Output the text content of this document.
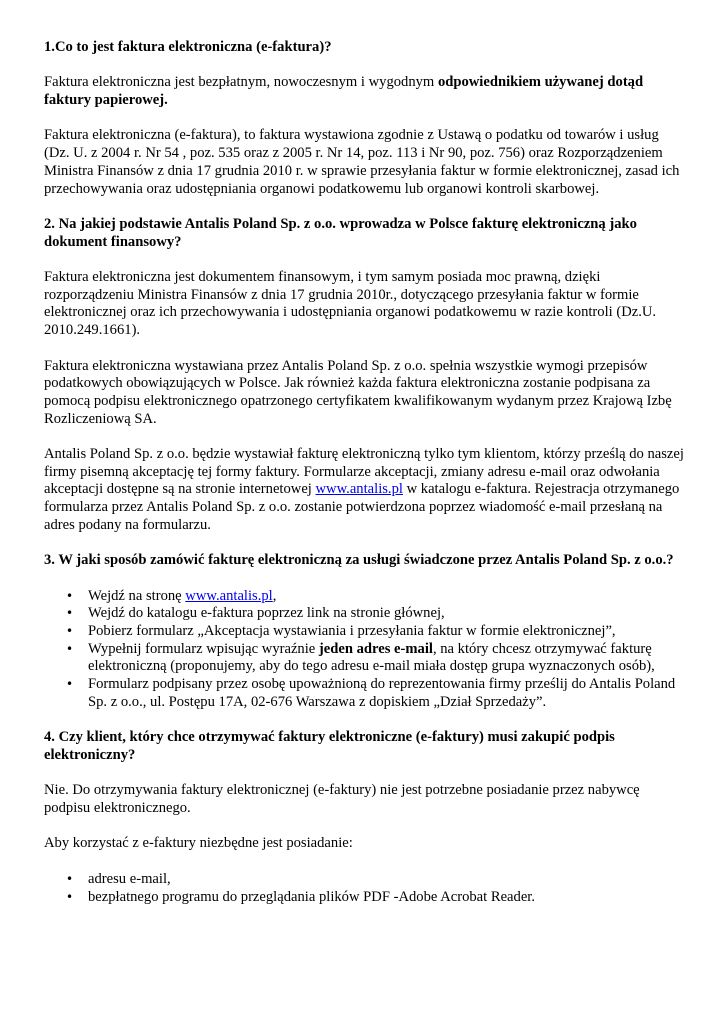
1.Co to jest faktura elektroniczna (e-faktura)?

Faktura elektroniczna jest bezpłatnym, nowoczesnym i wygodnym odpowiednikiem używanej dotąd faktury papierowej.

Faktura elektroniczna (e-faktura), to faktura wystawiona zgodnie z Ustawą o podatku od towarów i usług (Dz. U. z 2004 r. Nr 54 , poz. 535 oraz z 2005 r. Nr 14, poz. 113 i Nr 90, poz. 756) oraz Rozporządzeniem Ministra Finansów z dnia 17 grudnia 2010 r. w sprawie przesyłania faktur w formie elektronicznej, zasad ich przechowywania oraz udostępniania organowi podatkowemu lub organowi kontroli skarbowej.

2. Na jakiej podstawie Antalis Poland Sp. z o.o. wprowadza w Polsce fakturę elektroniczną jako dokument finansowy?

Faktura elektroniczna jest dokumentem finansowym, i tym samym posiada moc prawną, dzięki rozporządzeniu Ministra Finansów z dnia 17 grudnia 2010r., dotyczącego przesyłania faktur w formie elektronicznej oraz ich przechowywania i udostępniania organowi podatkowemu w razie kontroli (Dz.U. 2010.249.1661).

Faktura elektroniczna wystawiana przez Antalis Poland Sp. z o.o. spełnia wszystkie wymogi przepisów podatkowych obowiązujących w Polsce. Jak również każda faktura elektroniczna zostanie podpisana za pomocą podpisu elektronicznego opatrzonego certyfikatem kwalifikowanym wydanym przez Krajową Izbę Rozliczeniową SA.

Antalis Poland Sp. z o.o. będzie wystawiał fakturę elektroniczną tylko tym klientom, którzy prześlą do naszej firmy pisemną akceptację tej formy faktury. Formularze akceptacji, zmiany adresu e-mail oraz odwołania akceptacji dostępne są na stronie internetowej www.antalis.pl w katalogu e-faktura. Rejestracja otrzymanego formularza przez Antalis Poland Sp. z o.o. zostanie potwierdzona poprzez wiadomość e-mail przesłaną na adres podany na formularzu.

3. W jaki sposób zamówić fakturę elektroniczną za usługi świadczone przez Antalis Poland Sp. z o.o.?

• Wejdź na stronę www.antalis.pl,
• Wejdź do katalogu e-faktura poprzez link na stronie głównej,
• Pobierz formularz „Akceptacja wystawiania i przesyłania faktur w formie elektronicznej”,
• Wypełnij formularz wpisując wyraźnie jeden adres e-mail, na który chcesz otrzymywać fakturę elektroniczną (proponujemy, aby do tego adresu e-mail miała dostęp grupa wyznaczonych osób),
• Formularz podpisany przez osobę upoważnioną do reprezentowania firmy prześlij do Antalis Poland Sp. z o.o., ul. Postępu 17A, 02-676 Warszawa z dopiskiem „Dział Sprzedaży”.

4. Czy klient, który chce otrzymywać faktury elektroniczne (e-faktury) musi zakupić podpis elektroniczny?

Nie. Do otrzymywania faktury elektronicznej (e-faktury) nie jest potrzebne posiadanie przez nabywcę podpisu elektronicznego.

Aby korzystać z e-faktury niezbędne jest posiadanie:

• adresu e-mail,
• bezpłatnego programu do przeglądania plików PDF -Adobe Acrobat Reader.
